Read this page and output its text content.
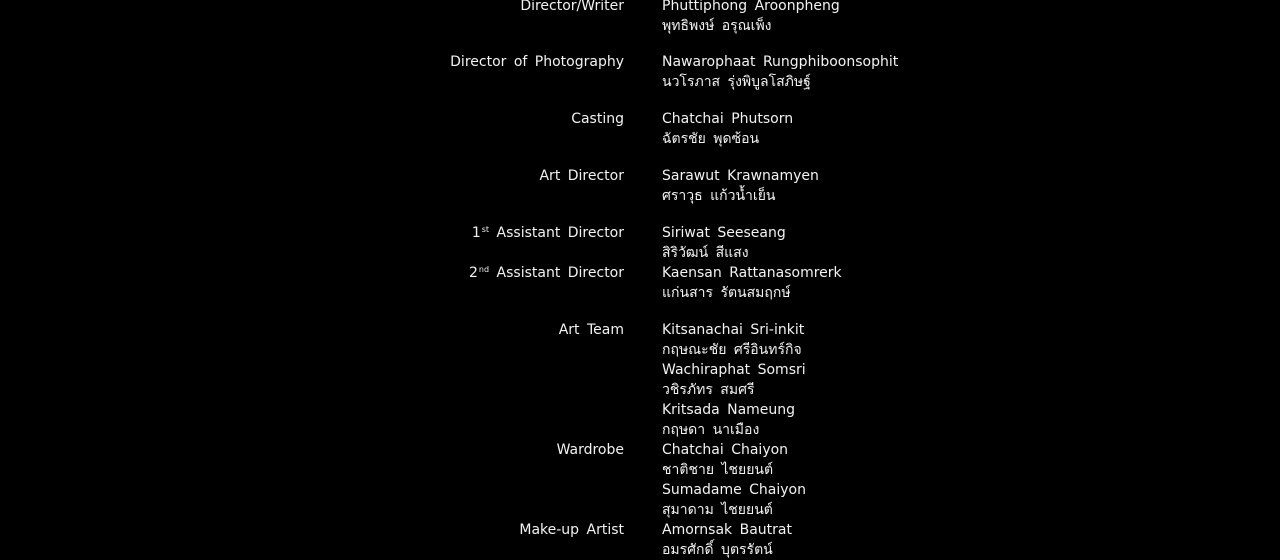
Director/Writer	Phuttiphong Aroonpheng
พุทธิพงษ์ อรุณเพ็ง
Director of Photography	Nawarophaat Rungphiboonsophit
นวโรภาส รุ่งพิบูลโสภิษฐ์
Casting	Chatchai Phutsorn
ฉัตรชัย พุดซ้อน
Art Director	Sarawut Krawnamyen
ศราวุธ แก้วน้ำเย็น
1st Assistant Director	Siriwat Seeseang
สิริวัฒน์ สีแสง
2nd Assistant Director	Kaensan Rattanasomrerk
แก่นสาร รัตนสมฤกษ์
Art Team	Kitsanachai Sri-inkit
กฤษณะชัย ศรีอินทร์กิจ
Wachiraphat Somsri
วชิรภัทร สมศรี
Kritsada Nameung
กฤษดา นาเมือง
Wardrobe	Chatchai Chaiyon
ชาติชาย ไชยยนต์
Sumadame Chaiyon
สุมาดาม ไชยยนต์
Make-up Artist	Amornsak Bautrat
อมรศักดิ์ บุตรรัตน์
